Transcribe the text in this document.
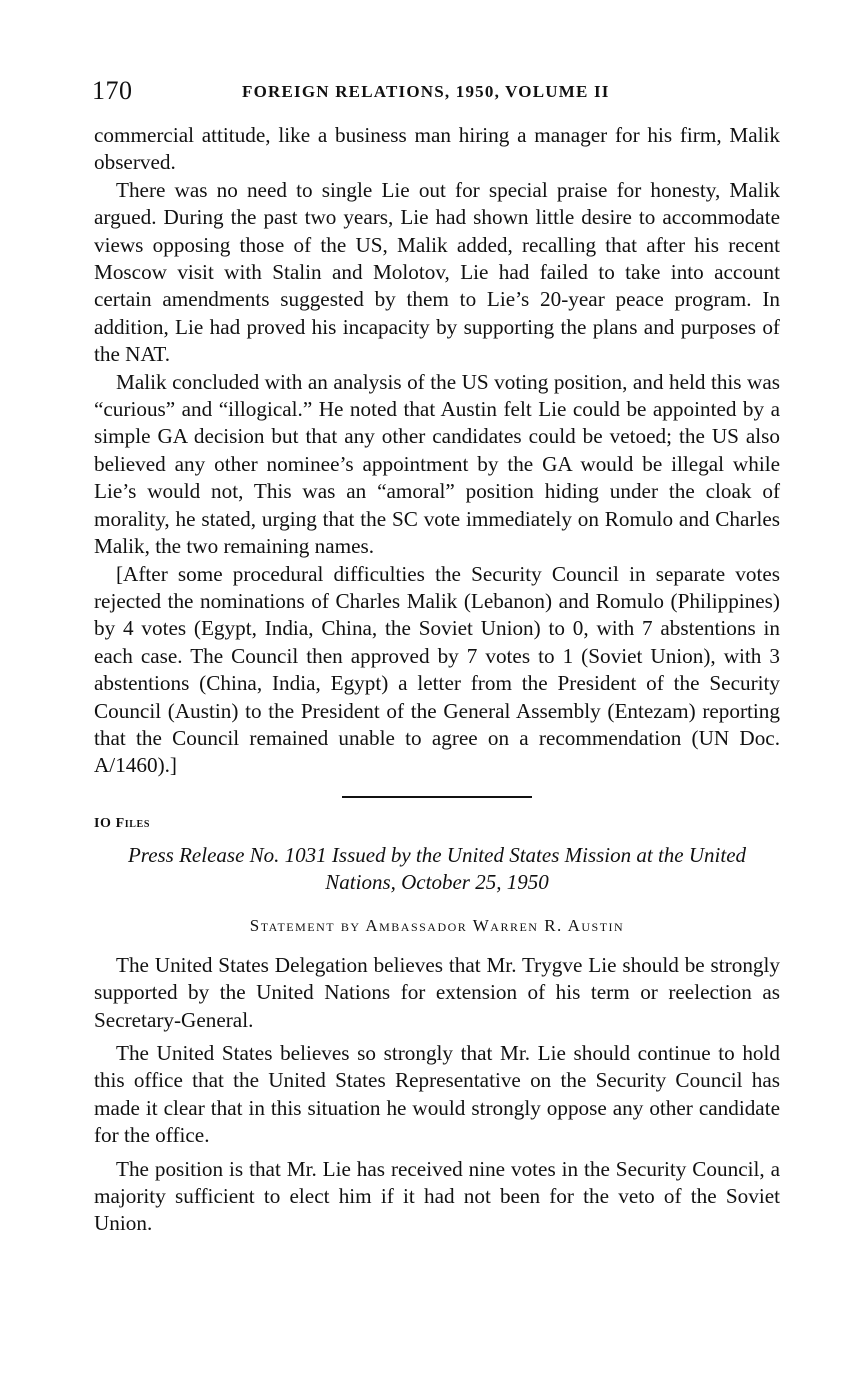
170	FOREIGN RELATIONS, 1950, VOLUME II

commercial attitude, like a business man hiring a manager for his firm, Malik observed.

There was no need to single Lie out for special praise for honesty, Malik argued. During the past two years, Lie had shown little desire to accommodate views opposing those of the US, Malik added, recalling that after his recent Moscow visit with Stalin and Molotov, Lie had failed to take into account certain amendments suggested by them to Lie’s 20-year peace program. In addition, Lie had proved his incapacity by supporting the plans and purposes of the NAT.

Malik concluded with an analysis of the US voting position, and held this was “curious” and “illogical.” He noted that Austin felt Lie could be appointed by a simple GA decision but that any other candidates could be vetoed; the US also believed any other nominee’s appointment by the GA would be illegal while Lie’s would not, This was an “amoral” position hiding under the cloak of morality, he stated, urging that the SC vote immediately on Romulo and Charles Malik, the two remaining names.

[After some procedural difficulties the Security Council in separate votes rejected the nominations of Charles Malik (Lebanon) and Romulo (Philippines) by 4 votes (Egypt, India, China, the Soviet Union) to 0, with 7 abstentions in each case. The Council then approved by 7 votes to 1 (Soviet Union), with 3 abstentions (China, India, Egypt) a letter from the President of the Security Council (Austin) to the President of the General Assembly (Entezam) reporting that the Council remained unable to agree on a recommendation (UN Doc. A/1460).]

IO Files

Press Release No. 1031 Issued by the United States Mission at the United Nations, October 25, 1950

Statement by Ambassador Warren R. Austin

The United States Delegation believes that Mr. Trygve Lie should be strongly supported by the United Nations for extension of his term or reelection as Secretary-General.

The United States believes so strongly that Mr. Lie should continue to hold this office that the United States Representative on the Security Council has made it clear that in this situation he would strongly oppose any other candidate for the office.

The position is that Mr. Lie has received nine votes in the Security Council, a majority sufficient to elect him if it had not been for the veto of the Soviet Union.
